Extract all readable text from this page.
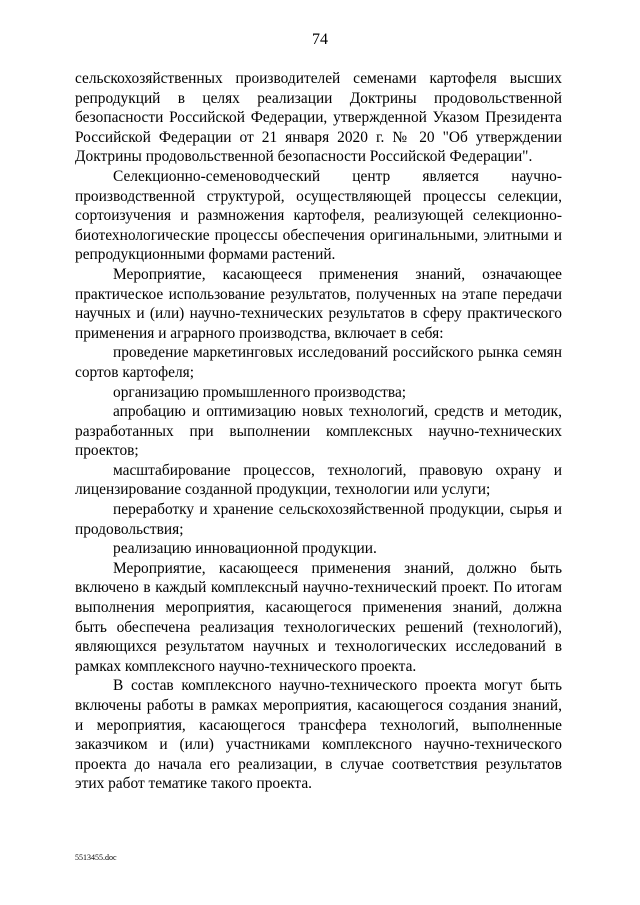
74

сельскохозяйственных производителей семенами картофеля высших репродукций в целях реализации Доктрины продовольственной безопасности Российской Федерации, утвержденной Указом Президента Российской Федерации от 21 января 2020 г. № 20 "Об утверждении Доктрины продовольственной безопасности Российской Федерации".

Селекционно-семеноводческий центр является научно-производственной структурой, осуществляющей процессы селекции, сортоизучения и размножения картофеля, реализующей селекционно-биотехнологические процессы обеспечения оригинальными, элитными и репродукционными формами растений.

Мероприятие, касающееся применения знаний, означающее практическое использование результатов, полученных на этапе передачи научных и (или) научно-технических результатов в сферу практического применения и аграрного производства, включает в себя:

проведение маркетинговых исследований российского рынка семян сортов картофеля;

организацию промышленного производства;

апробацию и оптимизацию новых технологий, средств и методик, разработанных при выполнении комплексных научно-технических проектов;

масштабирование процессов, технологий, правовую охрану и лицензирование созданной продукции, технологии или услуги;

переработку и хранение сельскохозяйственной продукции, сырья и продовольствия;

реализацию инновационной продукции.

Мероприятие, касающееся применения знаний, должно быть включено в каждый комплексный научно-технический проект. По итогам выполнения мероприятия, касающегося применения знаний, должна быть обеспечена реализация технологических решений (технологий), являющихся результатом научных и технологических исследований в рамках комплексного научно-технического проекта.

В состав комплексного научно-технического проекта могут быть включены работы в рамках мероприятия, касающегося создания знаний, и мероприятия, касающегося трансфера технологий, выполненные заказчиком и (или) участниками комплексного научно-технического проекта до начала его реализации, в случае соответствия результатов этих работ тематике такого проекта.

5513455.doc
